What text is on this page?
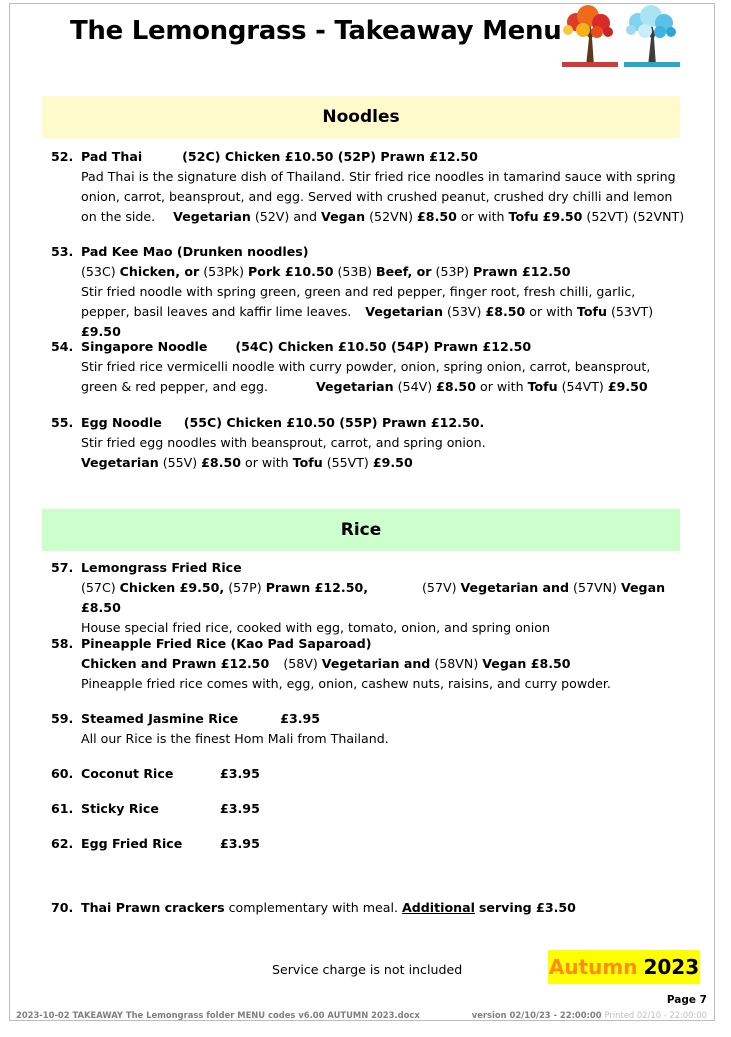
The Lemongrass - Takeaway Menu
Noodles
52. Pad Thai	(52C) Chicken £10.50 (52P) Prawn £12.50
Pad Thai is the signature dish of Thailand. Stir fried rice noodles in tamarind sauce with spring
onion, carrot, beansprout, and egg. Served with crushed peanut, crushed dry chilli and lemon
on the side. Vegetarian (52V) and Vegan (52VN) £8.50 or with Tofu £9.50 (52VT) (52VNT)
53. Pad Kee Mao (Drunken noodles)
(53C) Chicken, or (53Pk) Pork £10.50 (53B) Beef, or (53P) Prawn £12.50
Stir fried noodle with spring green, green and red pepper, finger root, fresh chilli, garlic,
pepper, basil leaves and kaffir lime leaves. Vegetarian (53V) £8.50 or with Tofu (53VT) £9.50
54. Singapore Noodle (54C) Chicken £10.50 (54P) Prawn £12.50
Stir fried rice vermicelli noodle with curry powder, onion, spring onion, carrot, beansprout,
green & red pepper, and egg.	Vegetarian (54V) £8.50 or with Tofu (54VT) £9.50
55. Egg Noodle (55C) Chicken £10.50 (55P) Prawn £12.50.
Stir fried egg noodles with beansprout, carrot, and spring onion.
Vegetarian (55V) £8.50 or with Tofu (55VT) £9.50
Rice
57. Lemongrass Fried Rice
(57C) Chicken £9.50, (57P) Prawn £12.50,	(57V) Vegetarian and (57VN) Vegan £8.50
House special fried rice, cooked with egg, tomato, onion, and spring onion
58. Pineapple Fried Rice (Kao Pad Saparoad)
Chicken and Prawn £12.50 (58V) Vegetarian and (58VN) Vegan £8.50
Pineapple fried rice comes with, egg, onion, cashew nuts, raisins, and curry powder.
59. Steamed Jasmine Rice	£3.95
All our Rice is the finest Hom Mali from Thailand.
60. Coconut Rice	£3.95
61. Sticky Rice	£3.95
62. Egg Fried Rice	£3.95
70. Thai Prawn crackers complementary with meal. Additional serving £3.50
Service charge is not included	Autumn 2023
Page 7
2023-10-02 TAKEAWAY The Lemongrass folder MENU codes v6.00 AUTUMN 2023.docx	version 02/10/23 - 22:00:00 Printed 02/10 - 22:00:00
